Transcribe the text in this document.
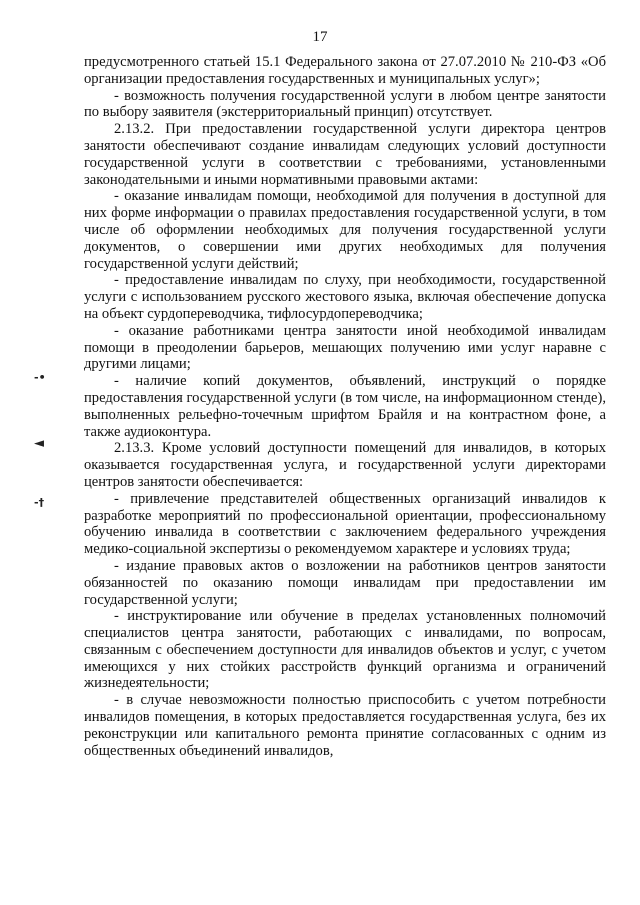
17
-•
◄
-†

предусмотренного статьей 15.1 Федерального закона от 27.07.2010 № 210-ФЗ «Об организации предоставления государственных и муниципальных услуг»;

- возможность получения государственной услуги в любом центре занятости по выбору заявителя (экстерриториальный принцип) отсутствует.

2.13.2. При предоставлении государственной услуги директора центров занятости обеспечивают создание инвалидам следующих условий доступности государственной услуги в соответствии с требованиями, установленными законодательными и иными нормативными правовыми актами:

- оказание инвалидам помощи, необходимой для получения в доступной для них форме информации о правилах предоставления государственной услуги, в том числе об оформлении необходимых для получения государственной услуги документов, о совершении ими других необходимых для получения государственной услуги действий;

- предоставление инвалидам по слуху, при необходимости, государственной услуги с использованием русского жестового языка, включая обеспечение допуска на объект сурдопереводчика, тифлосурдопереводчика;

- оказание работниками центра занятости иной необходимой инвалидам помощи в преодолении барьеров, мешающих получению ими услуг наравне с другими лицами;

- наличие копий документов, объявлений, инструкций о порядке предоставления государственной услуги (в том числе, на информационном стенде), выполненных рельефно-точечным шрифтом Брайля и на контрастном фоне, а также аудиоконтура.

2.13.3. Кроме условий доступности помещений для инвалидов, в которых оказывается государственная услуга, и государственной услуги директорами центров занятости обеспечивается:

- привлечение представителей общественных организаций инвалидов к разработке мероприятий по профессиональной ориентации, профессиональному обучению инвалида в соответствии с заключением федерального учреждения медико-социальной экспертизы о рекомендуемом характере и условиях труда;

- издание правовых актов о возложении на работников центров занятости обязанностей по оказанию помощи инвалидам при предоставлении им государственной услуги;

- инструктирование или обучение в пределах установленных полномочий специалистов центра занятости, работающих с инвалидами, по вопросам, связанным с обеспечением доступности для инвалидов объектов и услуг, с учетом имеющихся у них стойких расстройств функций организма и ограничений жизнедеятельности;

- в случае невозможности полностью приспособить с учетом потребности инвалидов помещения, в которых предоставляется государственная услуга, без их реконструкции или капитального ремонта принятие согласованных с одним из общественных объединений инвалидов,
